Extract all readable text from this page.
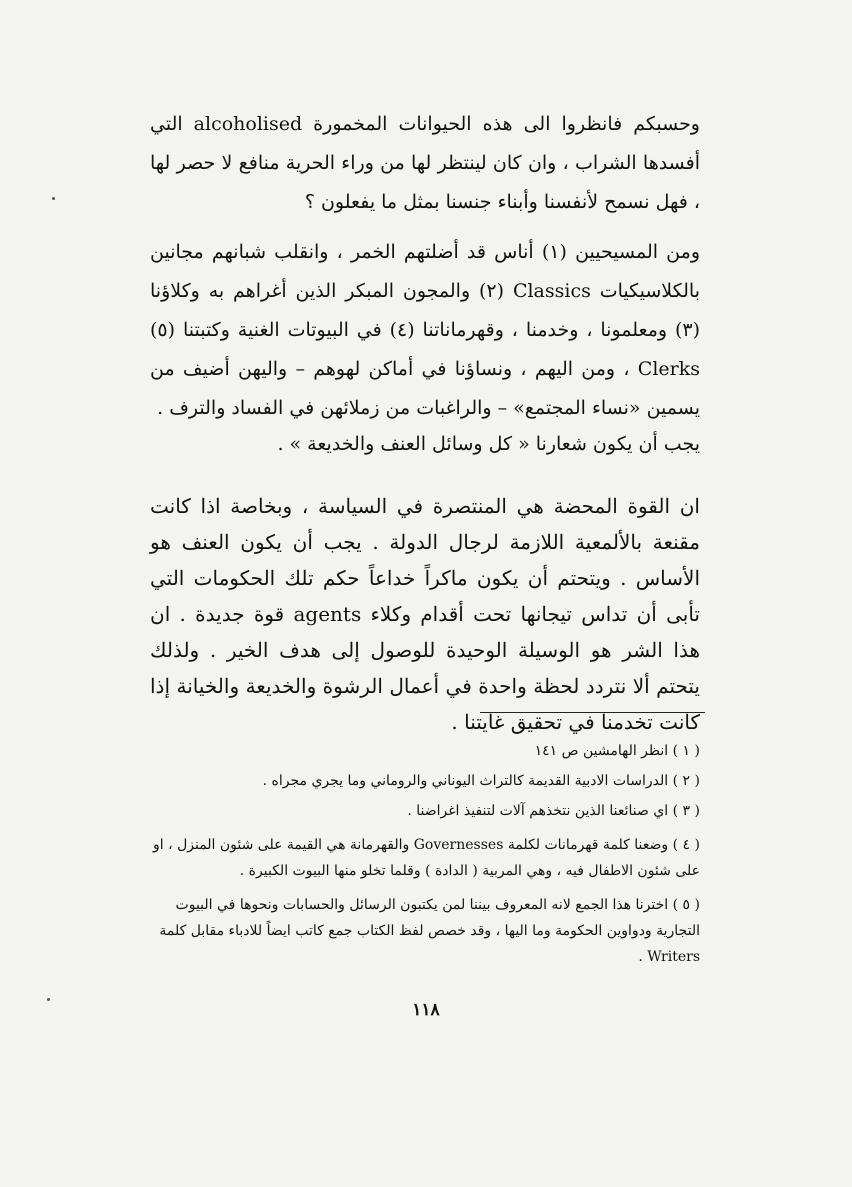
وحسبكم فانظروا الى هذه الحيوانات المخمورة alcoholised التي أفسدها الشراب ، وان كان لينتظر لها من وراء الحرية منافع لا حصر لها ، فهل نسمح لأنفسنا وأبناء جنسنا بمثل ما يفعلون ؟

ومن المسيحيين (١) أناس قد أضلتهم الخمر ، وانقلب شبانهم مجانين بالكلاسيكيات Classics (٢) والمجون المبكر الذين أغراهم به وكلاؤنا (٣) ومعلمونا ، وخدمنا ، وقهرماناتنا (٤) في البيوتات الغنية وكتبتنا (٥) Clerks ، ومن اليهم ، ونساؤنا في أماكن لهوهم – واليهن أضيف من يسمين «نساء المجتمع» – والراغبات من زملائهن في الفساد والترف .

يجب أن يكون شعارنا « كل وسائل العنف والخديعة » .

ان القوة المحضة هي المنتصرة في السياسة ، وبخاصة اذا كانت مقنعة بالألمعية اللازمة لرجال الدولة . يجب أن يكون العنف هو الأساس . ويتحتم أن يكون ماكراً خداعاً حكم تلك الحكومات التي تأبى أن تداس تيجانها تحت أقدام وكلاء agents قوة جديدة . ان هذا الشر هو الوسيلة الوحيدة للوصول إلى هدف الخير . ولذلك يتحتم ألا نتردد لحظة واحدة في أعمال الرشوة والخديعة والخيانة إذا كانت تخدمنا في تحقيق غايتنا .

( ١ ) انظر الهامشين ص ١٤١

( ٢ ) الدراسات الادبية القديمة كالتراث اليوناني والروماني وما يجري مجراه .

( ٣ ) اي صنائعنا الذين نتخذهم آلات لتنفيذ اغراضنا .

( ٤ ) وضعنا كلمة قهرمانات لكلمة Governesses والقهرمانة هي القيمة على شئون المنزل ، او على شئون الاطفال فيه ، وهي المربية ( الدادة ) وقلما تخلو منها البيوت الكبيرة .

( ٥ ) اخترنا هذا الجمع لانه المعروف بيننا لمن يكتبون الرسائل والحسابات ونحوها في البيوت التجارية ودواوين الحكومة وما اليها ، وقد خصص لفظ الكتاب جمع كاتب ايضاً للادباء مقابل كلمة Writers .

١١٨
